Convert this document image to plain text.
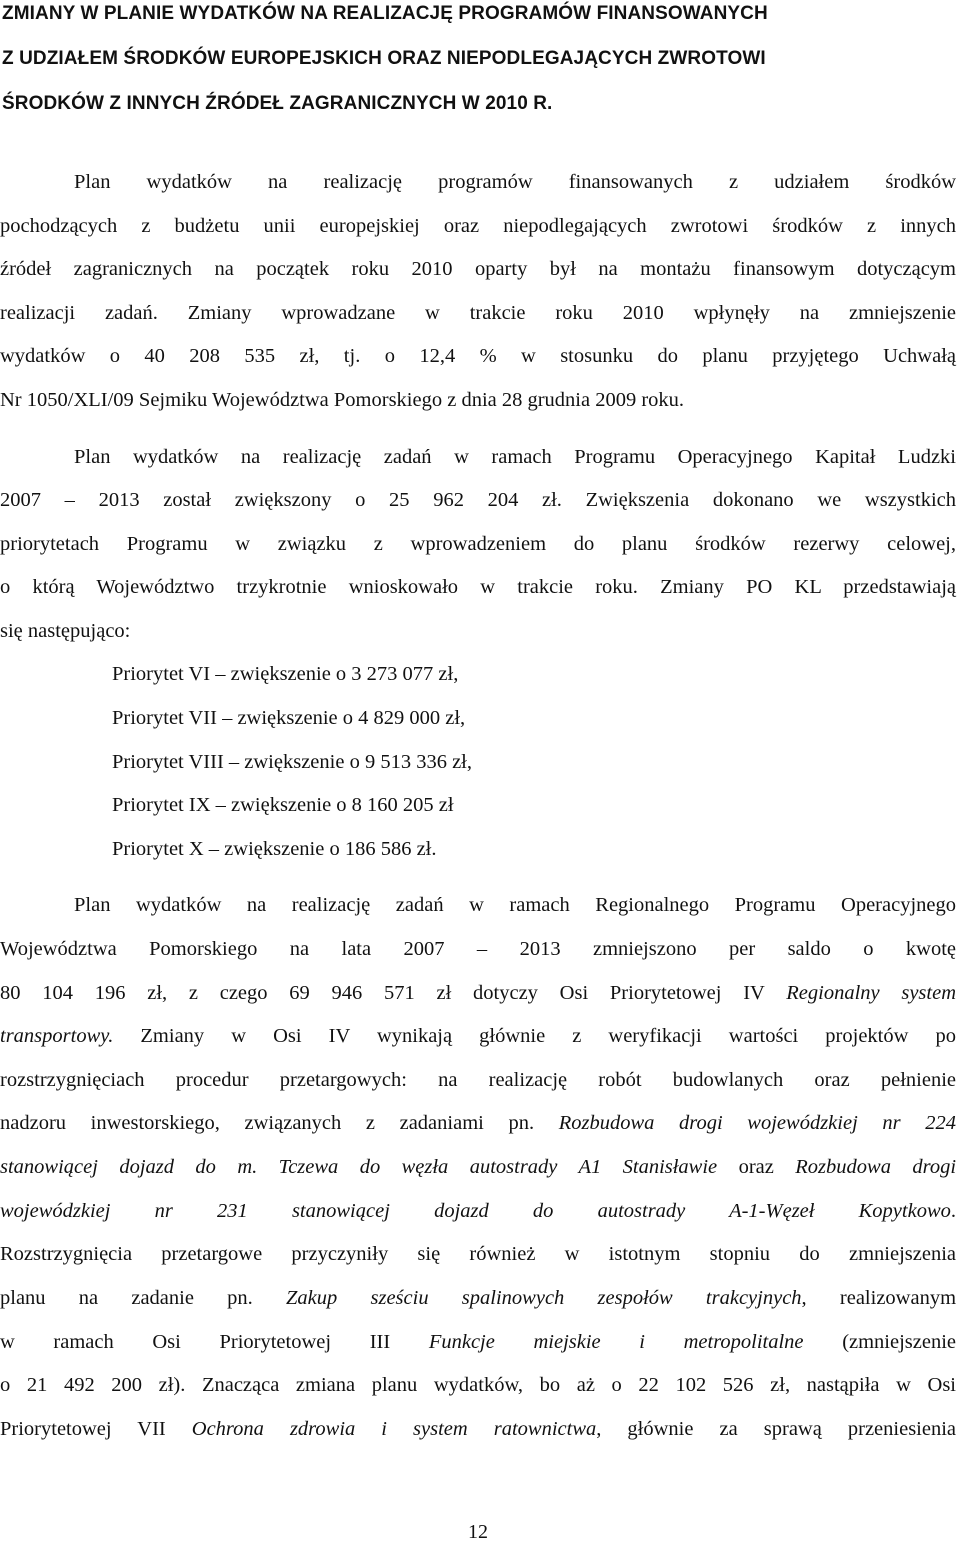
ZMIANY W PLANIE WYDATKÓW NA REALIZACJĘ PROGRAMÓW FINANSOWANYCH
Z UDZIAŁEM ŚRODKÓW EUROPEJSKICH ORAZ NIEPODLEGAJĄCYCH ZWROTOWI
ŚRODKÓW Z INNYCH ŹRÓDEŁ ZAGRANICZNYCH W 2010 R.
Plan wydatków na realizację programów finansowanych z udziałem środków
pochodzących z budżetu unii europejskiej oraz niepodlegających zwrotowi środków z innych
źródeł zagranicznych na początek roku 2010 oparty był na montażu finansowym dotyczącym
realizacji zadań. Zmiany wprowadzane w trakcie roku 2010 wpłynęły na zmniejszenie
wydatków o 40 208 535 zł, tj. o 12,4 % w stosunku do planu przyjętego Uchwałą
Nr 1050/XLI/09 Sejmiku Województwa Pomorskiego z dnia 28 grudnia 2009 roku.
Plan wydatków na realizację zadań w ramach Programu Operacyjnego Kapitał Ludzki
2007 – 2013 został zwiększony o 25 962 204 zł. Zwiększenia dokonano we wszystkich
priorytetach Programu w związku z wprowadzeniem do planu środków rezerwy celowej,
o którą Województwo trzykrotnie wnioskowało w trakcie roku. Zmiany PO KL przedstawiają
się następująco:
Priorytet VI – zwiększenie o 3 273 077 zł,
Priorytet VII – zwiększenie o 4 829 000 zł,
Priorytet VIII – zwiększenie o 9 513 336 zł,
Priorytet IX – zwiększenie o 8 160 205 zł
Priorytet X – zwiększenie o 186 586 zł.
Plan wydatków na realizację zadań w ramach Regionalnego Programu Operacyjnego
Województwa Pomorskiego na lata 2007 – 2013 zmniejszono per saldo o kwotę
80 104 196 zł, z czego 69 946 571 zł dotyczy Osi Priorytetowej IV Regionalny system
transportowy. Zmiany w Osi IV wynikają głównie z weryfikacji wartości projektów po
rozstrzygnięciach procedur przetargowych: na realizację robót budowlanych oraz pełnienie
nadzoru inwestorskiego, związanych z zadaniami pn. Rozbudowa drogi wojewódzkiej nr 224
stanowiącej dojazd do m. Tczewa do węzła autostrady A1 Stanisławie oraz Rozbudowa drogi
wojewódzkiej nr 231 stanowiącej dojazd do autostrady A-1-Węzeł Kopytkowo.
Rozstrzygnięcia przetargowe przyczyniły się również w istotnym stopniu do zmniejszenia
planu na zadanie pn. Zakup sześciu spalinowych zespołów trakcyjnych, realizowanym
w ramach Osi Priorytetowej III Funkcje miejskie i metropolitalne (zmniejszenie
o 21 492 200 zł). Znacząca zmiana planu wydatków, bo aż o 22 102 526 zł, nastąpiła w Osi
Priorytetowej VII Ochrona zdrowia i system ratownictwa, głównie za sprawą przeniesienia
12
